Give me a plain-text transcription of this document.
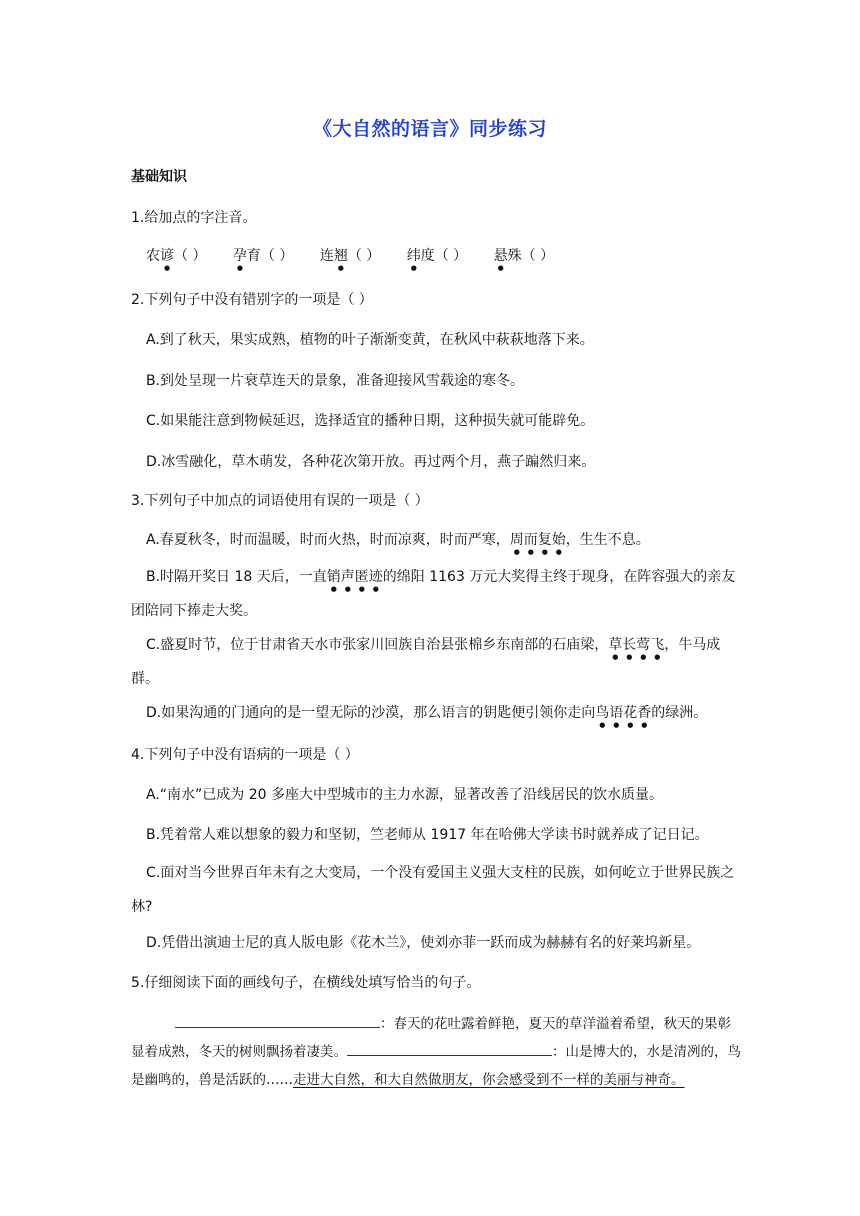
《大自然的语言》同步练习
基础知识
1.给加点的字注音。
农谚（ ） 孕育（ ） 连翘（ ） 纬度（ ） 悬殊（ ）
2.下列句子中没有错别字的一项是（ ）
A.到了秋天，果实成熟，植物的叶子渐渐变黄，在秋风中萩萩地落下来。
B.到处呈现一片衰草连天的景象，准备迎接风雪载途的寒冬。
C.如果能注意到物候延迟，选择适宜的播种日期，这种损失就可能辟免。
D.冰雪融化，草木萌发，各种花次第开放。再过两个月，燕子蹁然归来。
3.下列句子中加点的词语使用有误的一项是（ ）
A.春夏秋冬，时而温暖，时而火热，时而凉爽，时而严寒，周而复始，生生不息。
B.时隔开奖日 18 天后，一直销声匿迹的绵阳 1163 万元大奖得主终于现身，在阵容强大的亲友团陪同下捧走大奖。
C.盛夏时节，位于甘肃省天水市张家川回族自治县张棉乡东南部的石庙梁，草长莺飞，牛马成群。
D.如果沟通的门通向的是一望无际的沙漠，那么语言的钥匙便引领你走向鸟语花香的绿洲。
4.下列句子中没有语病的一项是（ ）
A.“南水”已成为 20 多座大中型城市的主力水源，显著改善了沿线居民的饮水质量。
B.凭着常人难以想象的毅力和坚韧，竺老师从 1917 年在哈佛大学读书时就养成了记日记。
C.面对当今世界百年未有之大变局，一个没有爱国主义强大支柱的民族，如何屹立于世界民族之林?
D.凭借出演迪士尼的真人版电影《花木兰》，使刘亦菲一跃而成为赫赫有名的好莱坞新星。
5.仔细阅读下面的画线句子，在横线处填写恰当的句子。
：春天的花吐露着鲜艳，夏天的草洋溢着希望，秋天的果彰显着成熟，冬天的树则飘扬着凄美。	：山是博大的，水是清冽的，鸟是幽鸣的，兽是活跃的……走进大自然，和大自然做朋友，你会感受到不一样的美丽与神奇。
